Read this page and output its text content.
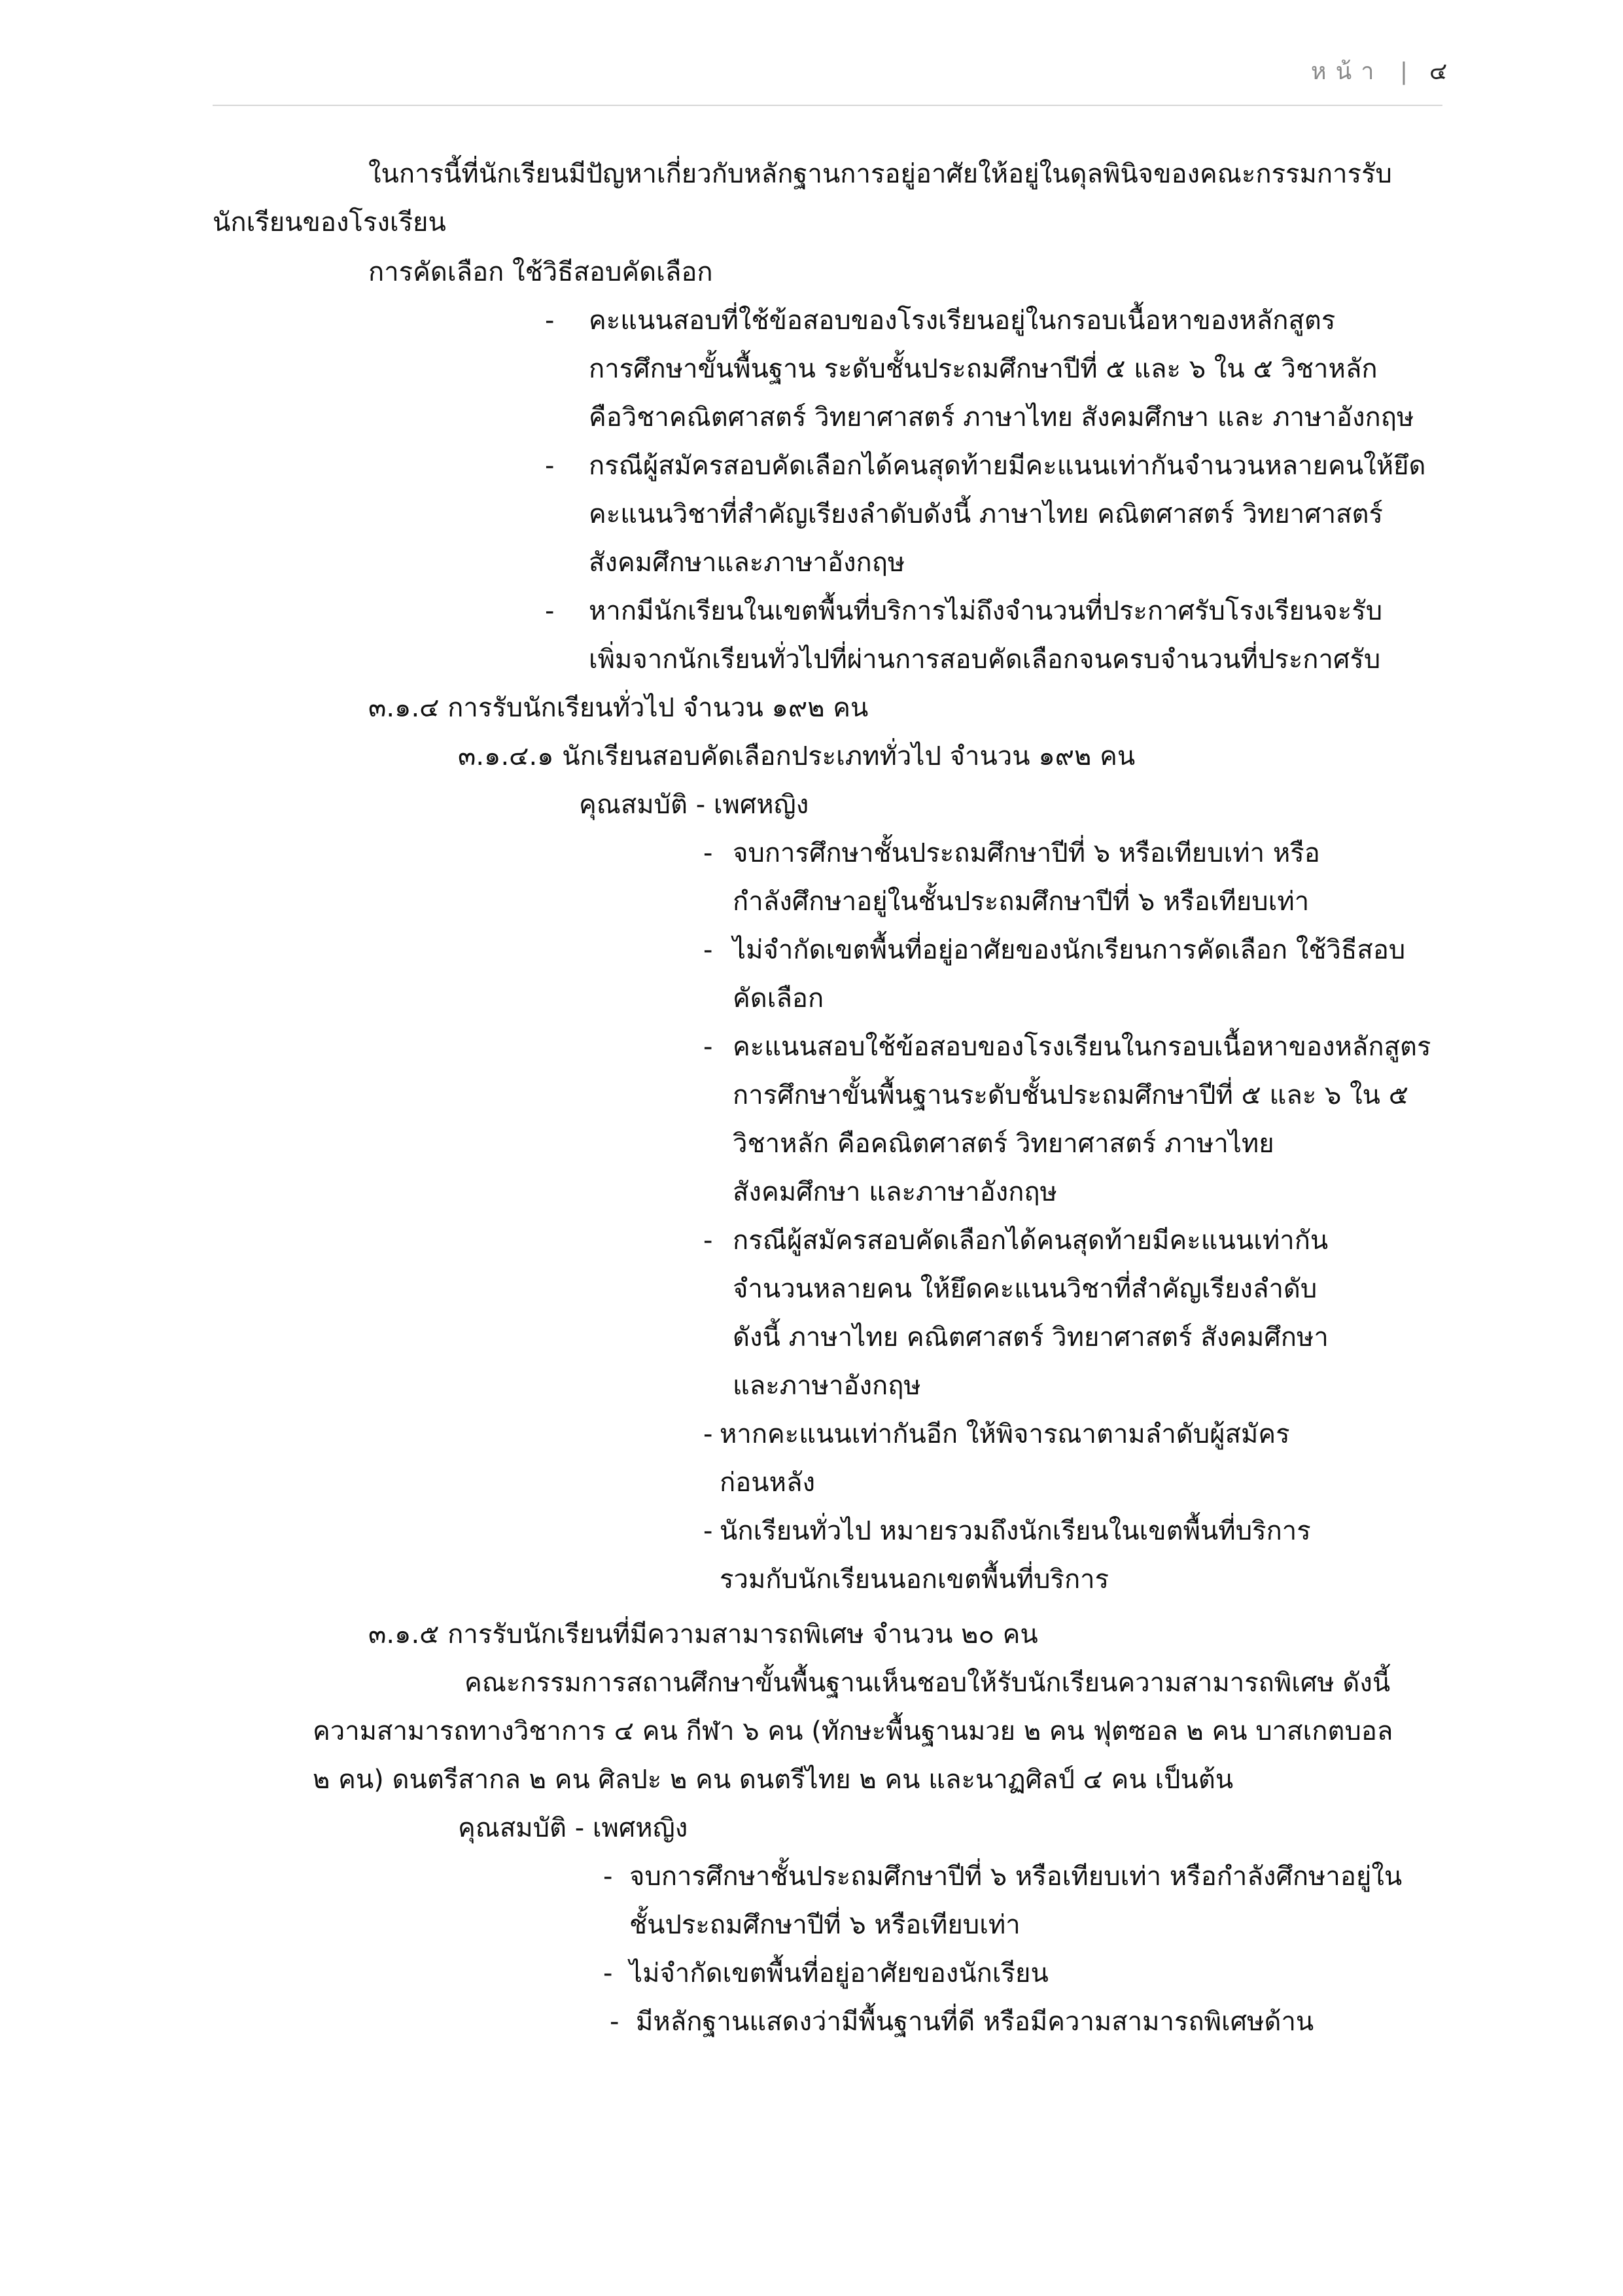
หน้า | ๔
ในการนี้ที่นักเรียนมีปัญหาเกี่ยวกับหลักฐานการอยู่อาศัยให้อยู่ในดุลพินิจของคณะกรรมการรับ
นักเรียนของโรงเรียน
การคัดเลือก ใช้วิธีสอบคัดเลือก
- คะแนนสอบที่ใช้ข้อสอบของโรงเรียนอยู่ในกรอบเนื้อหาของหลักสูตร
การศึกษาขั้นพื้นฐาน ระดับชั้นประถมศึกษาปีที่ ๕ และ ๖ ใน ๕ วิชาหลัก
คือวิชาคณิตศาสตร์ วิทยาศาสตร์ ภาษาไทย สังคมศึกษา และ ภาษาอังกฤษ
- กรณีผู้สมัครสอบคัดเลือกได้คนสุดท้ายมีคะแนนเท่ากันจำนวนหลายคนให้ยึด
คะแนนวิชาที่สำคัญเรียงลำดับดังนี้ ภาษาไทย คณิตศาสตร์ วิทยาศาสตร์
สังคมศึกษาและภาษาอังกฤษ
- หากมีนักเรียนในเขตพื้นที่บริการไม่ถึงจำนวนที่ประกาศรับโรงเรียนจะรับ
เพิ่มจากนักเรียนทั่วไปที่ผ่านการสอบคัดเลือกจนครบจำนวนที่ประกาศรับ
๓.๑.๔ การรับนักเรียนทั่วไป จำนวน ๑๙๒ คน
๓.๑.๔.๑ นักเรียนสอบคัดเลือกประเภททั่วไป จำนวน ๑๙๒ คน
คุณสมบัติ - เพศหญิง
- จบการศึกษาชั้นประถมศึกษาปีที่ ๖ หรือเทียบเท่า หรือ
กำลังศึกษาอยู่ในชั้นประถมศึกษาปีที่ ๖ หรือเทียบเท่า
- ไม่จำกัดเขตพื้นที่อยู่อาศัยของนักเรียนการคัดเลือก ใช้วิธีสอบ
คัดเลือก
- คะแนนสอบใช้ข้อสอบของโรงเรียนในกรอบเนื้อหาของหลักสูตร
การศึกษาขั้นพื้นฐานระดับชั้นประถมศึกษาปีที่ ๕ และ ๖ ใน ๕
วิชาหลัก คือคณิตศาสตร์ วิทยาศาสตร์ ภาษาไทย
สังคมศึกษา และภาษาอังกฤษ
- กรณีผู้สมัครสอบคัดเลือกได้คนสุดท้ายมีคะแนนเท่ากัน
จำนวนหลายคน ให้ยึดคะแนนวิชาที่สำคัญเรียงลำดับ
ดังนี้ ภาษาไทย คณิตศาสตร์ วิทยาศาสตร์ สังคมศึกษา
และภาษาอังกฤษ
- หากคะแนนเท่ากันอีก ให้พิจารณาตามลำดับผู้สมัคร
ก่อนหลัง
- นักเรียนทั่วไป หมายรวมถึงนักเรียนในเขตพื้นที่บริการ
รวมกับนักเรียนนอกเขตพื้นที่บริการ
๓.๑.๕ การรับนักเรียนที่มีความสามารถพิเศษ จำนวน ๒๐ คน
คณะกรรมการสถานศึกษาขั้นพื้นฐานเห็นชอบให้รับนักเรียนความสามารถพิเศษ ดังนี้
ความสามารถทางวิชาการ ๔ คน กีฬา ๖ คน (ทักษะพื้นฐานมวย ๒ คน ฟุตซอล ๒ คน บาสเกตบอล
๒ คน) ดนตรีสากล ๒ คน ศิลปะ ๒ คน ดนตรีไทย ๒ คน และนาฏศิลป์ ๔ คน เป็นต้น
คุณสมบัติ - เพศหญิง
- จบการศึกษาชั้นประถมศึกษาปีที่ ๖ หรือเทียบเท่า หรือกำลังศึกษาอยู่ใน
ชั้นประถมศึกษาปีที่ ๖ หรือเทียบเท่า
- ไม่จำกัดเขตพื้นที่อยู่อาศัยของนักเรียน
- มีหลักฐานแสดงว่ามีพื้นฐานที่ดี หรือมีความสามารถพิเศษด้าน
